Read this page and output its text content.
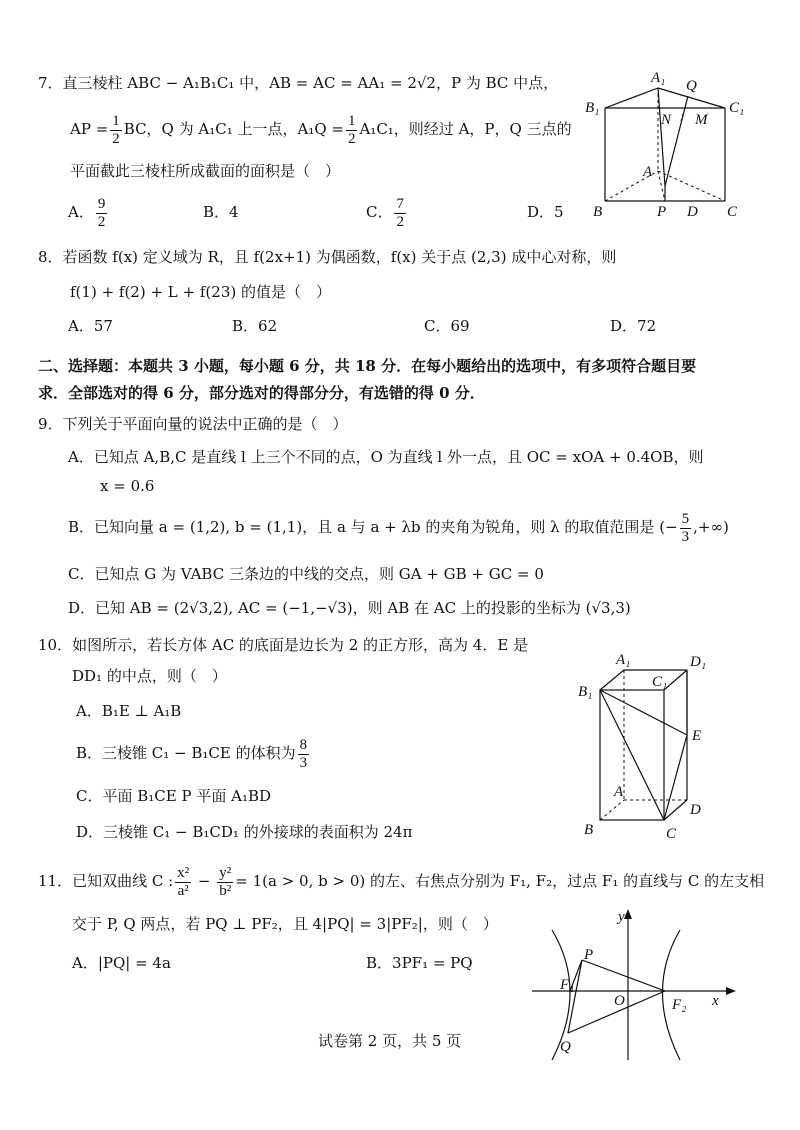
7．直三棱柱 ABC − A₁B₁C₁ 中，AB = AC = AA₁ = 2√2，P 为 BC 中点，
AP = $\frac{1}{2}$ BC，Q 为 A₁C₁ 上一点，$A_1Q = \frac{1}{2} A_1C_1$，则经过 A，P，Q 三点的
平面截此三棱柱所成截面的面积是（　）
A． $\frac{9}{2}$	B．4	C． $\frac{7}{2}$	D．5
A₁ Q
B₁
N M
C₁
A
B	P D C
8．若函数 f(x) 定义域为 R，且 f(2x+1) 为偶函数，f(x) 关于点 (2,3) 成中心对称，则
f(1) + f(2) + L + f(23) 的值是（　）
A．57	B．62	C．69	D．72
二、选择题：本题共 3 小题，每小题 6 分，共 18 分．在每小题给出的选项中，有多项符合题目要
求．全部选对的得 6 分，部分选对的得部分分，有选错的得 0 分．
9．下列关于平面向量的说法中正确的是（　）
A．已知点 A,B,C 是直线 l 上三个不同的点，O 为直线 l 外一点，且 OC = xOA + 0.4OB，则
x = 0.6
B．已知向量 a = (1,2), b = (1,1)，且 a 与 a + λb 的夹角为锐角，则 λ 的取值范围是 (− $\frac{5}{3}$ ,+∞)
C．已知点 G 为 VABC 三条边的中线的交点，则 GA + GB + GC = 0
D．已知 AB = (2√3,2), AC = (−1,−√3)，则 AB 在 AC 上的投影的坐标为 (√3,3)
10．如图所示，若长方体 AC 的底面是边长为 2 的正方形，高为 4．E 是
DD₁ 的中点，则（　）
A．B₁E ⊥ A₁B
B．三棱锥 C₁ − B₁CE 的体积为 $\frac{8}{3}$
C．平面 B₁CE P 平面 A₁BD
D．三棱锥 C₁ − B₁CD₁ 的外接球的表面积为 24π
A₁	D₁
B₁
C₁
E
A
D
B	C
11．已知双曲线 C : $\frac{\text{x²}}{\text{a²}} - \frac{\text{y²}}{\text{b²}} = 1(a > 0$, b > 0) 的左、右焦点分别为 F₁, F₂，过点 F₁ 的直线与 C 的左支相
交于 P, Q 两点，若 PQ ⊥ PF₂，且 4|PQ| = 3|PF₂|，则（　）
A．|PQ| = 4a	B．3PF₁ = PQ
y
P
F₁
O	F₂ x
Q
试卷第 2 页，共 5 页
